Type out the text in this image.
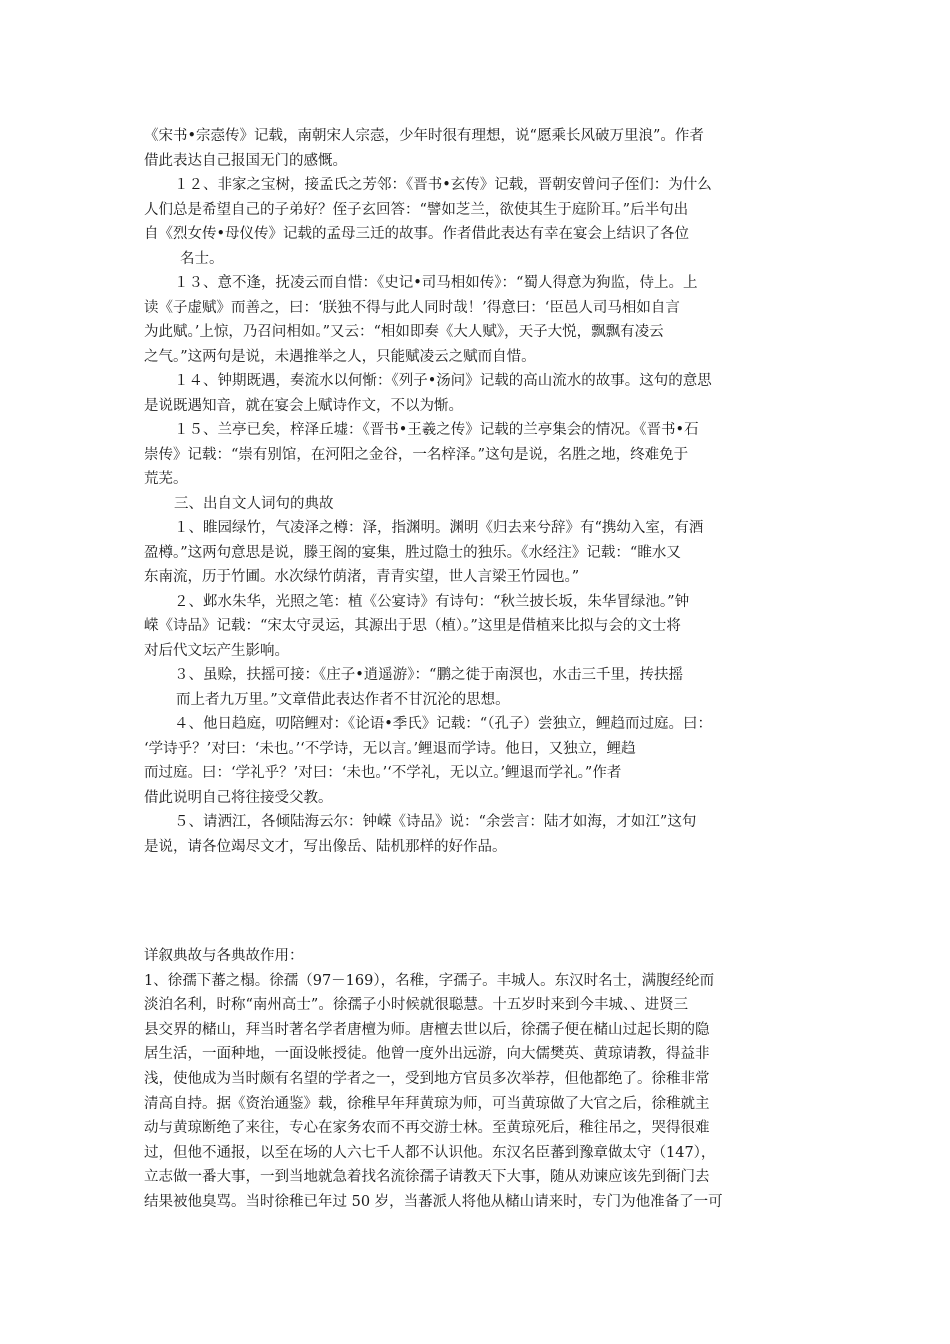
《宋书•宗悫传》记载，南朝宋人宗悫，少年时很有理想，说“愿乘长风破万里浪”。作者

借此表达自己报国无门的感慨。

１２、非家之宝树，接孟氏之芳邻：《晋书•玄传》记载，晋朝安曾问子侄们：为什么

人们总是希望自己的子弟好？侄子玄回答：“譬如芝兰，欲使其生于庭阶耳。”后半句出

自《烈女传•母仪传》记载的孟母三迁的故事。作者借此表达有幸在宴会上结识了各位

名士。

１３、意不逢，抚凌云而自惜：《史记•司马相如传》：“蜀人得意为狗监，侍上。上

读《子虚赋》而善之，曰：‘朕独不得与此人同时哉！’得意曰：‘臣邑人司马相如自言

为此赋。’上惊，乃召问相如。”又云：“相如即奏《大人赋》，天子大悦，飘飘有凌云

之气。”这两句是说，未遇推举之人，只能赋凌云之赋而自惜。

１４、钟期既遇，奏流水以何惭：《列子•汤问》记载的高山流水的故事。这句的意思

是说既遇知音，就在宴会上赋诗作文，不以为惭。

１５、兰亭已矣，梓泽丘墟：《晋书•王羲之传》记载的兰亭集会的情况。《晋书•石

崇传》记载：“崇有别馆，在河阳之金谷，一名梓泽。”这句是说，名胜之地，终难免于

荒芜。

三、出自文人词句的典故

１、睢园绿竹，气凌泽之樽：泽，指渊明。渊明《归去来兮辞》有“携幼入室，有酒

盈樽。”这两句意思是说，滕王阁的宴集，胜过隐士的独乐。《水经注》记载：“睢水又

东南流，历于竹圃。水次绿竹荫渚，青青实望，世人言梁王竹园也。”

２、邺水朱华，光照之笔：植《公宴诗》有诗句：“秋兰披长坂，朱华冒绿池。”钟

嵘《诗品》记载：“宋太守灵运，其源出于思（植）。”这里是借植来比拟与会的文士将

对后代文坛产生影响。

３、虽赊，扶摇可接：《庄子•逍遥游》：“鹏之徙于南溟也，水击三千里，抟扶摇

而上者九万里。”文章借此表达作者不甘沉沦的思想。

４、他日趋庭，叨陪鲤对：《论语•季氏》记载：“（孔子）尝独立，鲤趋而过庭。曰：

‘学诗乎？’对曰：‘未也。’‘不学诗，无以言。’鲤退而学诗。他日，又独立，鲤趋

而过庭。曰：‘学礼乎？’对曰：‘未也。’‘不学礼，无以立。’鲤退而学礼。”作者

借此说明自己将往接受父教。

５、请洒江，各倾陆海云尔：钟嵘《诗品》说：“余尝言：陆才如海，才如江”这句

是说，请各位竭尽文才，写出像岳、陆机那样的好作品。

详叙典故与各典故作用：

1、徐孺下蕃之榻。徐孺（97－169），名稚，字孺子。丰城人。东汉时名士，满腹经纶而

淡泊名利，时称“南州高士”。徐孺子小时候就很聪慧。十五岁时来到今丰城、、进贤三

县交界的槠山，拜当时著名学者唐檀为师。唐檀去世以后，徐孺子便在槠山过起长期的隐

居生活，一面种地，一面设帐授徒。他曾一度外出远游，向大儒樊英、黄琼请教，得益非

浅，使他成为当时颇有名望的学者之一，受到地方官员多次举荐，但他都绝了。徐稚非常

清高自持。据《资治通鉴》载，徐稚早年拜黄琼为师，可当黄琼做了大官之后，徐稚就主

动与黄琼断绝了来往，专心在家务农而不再交游士林。至黄琼死后，稚往吊之，哭得很难

过，但他不通报，以至在场的人六七千人都不认识他。东汉名臣蕃到豫章做太守（147），

立志做一番大事，一到当地就急着找名流徐孺子请教天下大事，随从劝谏应该先到衙门去

结果被他臭骂。当时徐稚已年过 50 岁，当蕃派人将他从槠山请来时，专门为他准备了一可
